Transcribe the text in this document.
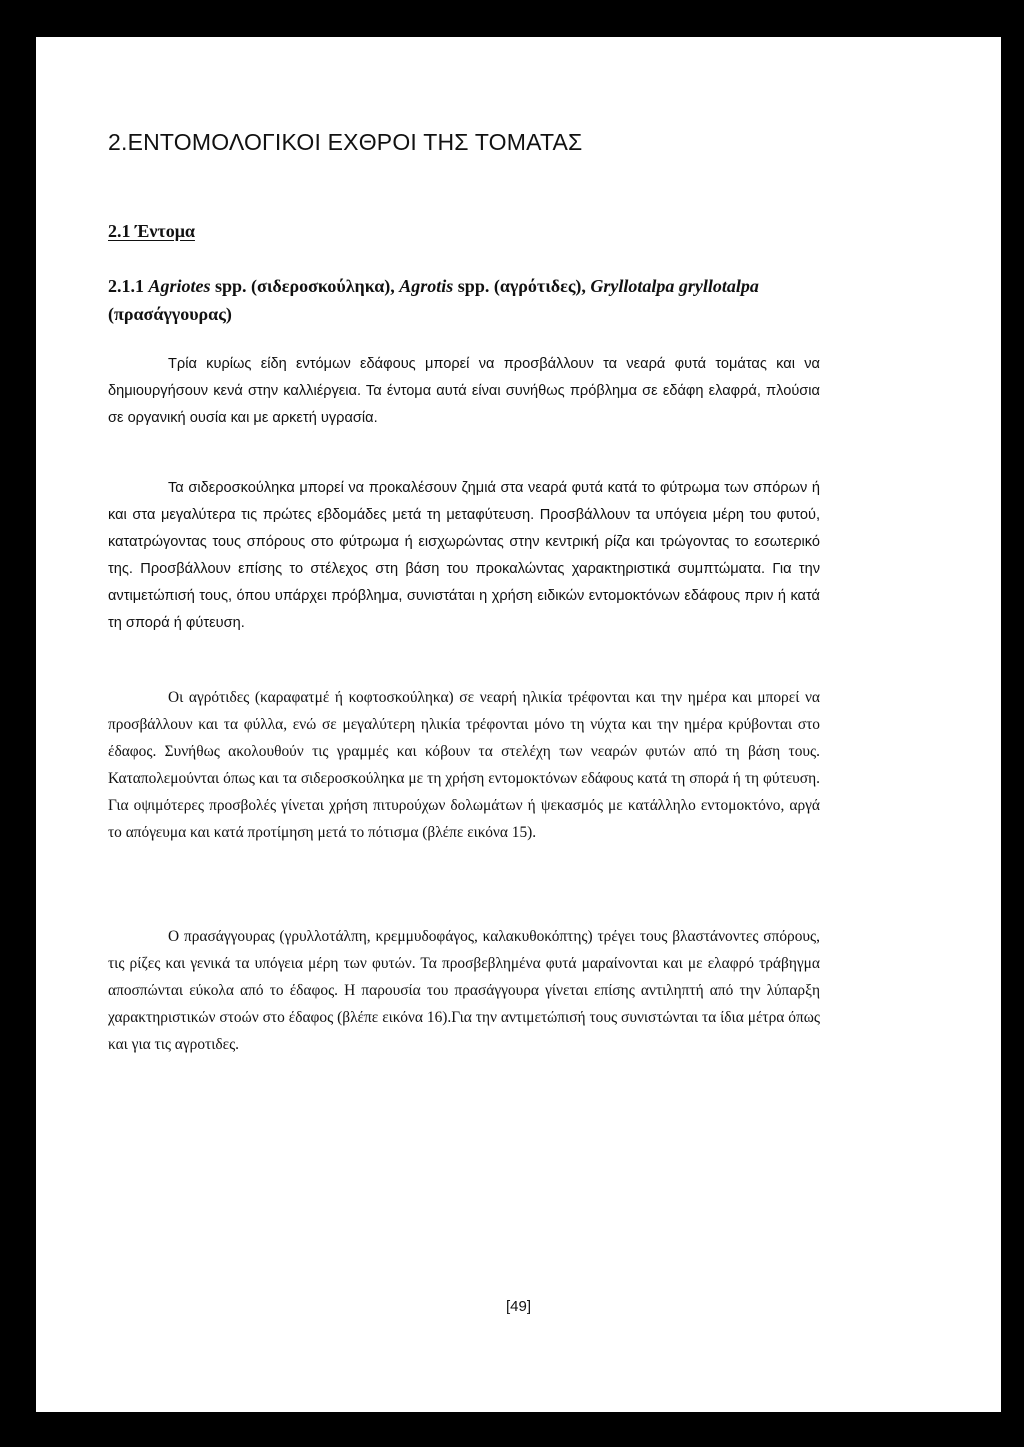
2.ΕΝΤΟΜΟΛΟΓΙΚΟΙ ΕΧΘΡΟΙ ΤΗΣ ΤΟΜΑΤΑΣ
2.1 Έντομα
2.1.1 Agriotes spp. (σιδεροσκούληκα), Agrotis spp. (αγρότιδες), Gryllotalpa gryllotalpa (πρασάγγουρας)

Τρία κυρίως είδη εντόμων εδάφους μπορεί να προσβάλλουν τα νεαρά φυτά τομάτας και να δημιουργήσουν κενά στην καλλιέργεια. Τα έντομα αυτά είναι συνήθως πρόβλημα σε εδάφη ελαφρά, πλούσια σε οργανική ουσία και με αρκετή υγρασία.

Τα σιδεροσκούληκα μπορεί να προκαλέσουν ζημιά στα νεαρά φυτά κατά το φύτρωμα των σπόρων ή και στα μεγαλύτερα τις πρώτες εβδομάδες μετά τη μεταφύτευση. Προσβάλλουν τα υπόγεια μέρη του φυτού, κατατρώγοντας τους σπόρους στο φύτρωμα ή εισχωρώντας στην κεντρική ρίζα και τρώγοντας το εσωτερικό της. Προσβάλλουν επίσης το στέλεχος στη βάση του προκαλώντας χαρακτηριστικά συμπτώματα. Για την αντιμετώπισή τους, όπου υπάρχει πρόβλημα, συνιστάται η χρήση ειδικών εντομοκτόνων εδάφους πριν ή κατά τη σπορά ή φύτευση.

Οι αγρότιδες (καραφατμέ ή κοφτοσκούληκα) σε νεαρή ηλικία τρέφονται και την ημέρα και μπορεί να προσβάλλουν και τα φύλλα, ενώ σε μεγαλύτερη ηλικία τρέφονται μόνο τη νύχτα και την ημέρα κρύβονται στο έδαφος. Συνήθως ακολουθούν τις γραμμές και κόβουν τα στελέχη των νεαρών φυτών από τη βάση τους. Καταπολεμούνται όπως και τα σιδεροσκούληκα με τη χρήση εντομοκτόνων εδάφους κατά τη σπορά ή τη φύτευση. Για οψιμότερες προσβολές γίνεται χρήση πιτυρούχων δολωμάτων ή ψεκασμός με κατάλληλο εντομοκτόνο, αργά το απόγευμα και κατά προτίμηση μετά το πότισμα (βλέπε εικόνα 15).

Ο πρασάγγουρας (γρυλλοτάλπη, κρεμμυδοφάγος, καλακυθοκόπτης) τρέγει τους βλαστάνοντες σπόρους, τις ρίζες και γενικά τα υπόγεια μέρη των φυτών. Τα προσβεβλημένα φυτά μαραίνονται και με ελαφρό τράβηγμα αποσπώνται εύκολα από το έδαφος. Η παρουσία του πρασάγγουρα γίνεται επίσης αντιληπτή από την λύπαρξη χαρακτηριστικών στοών στο έδαφος (βλέπε εικόνα 16).Για την αντιμετώπισή τους συνιστώνται τα ίδια μέτρα όπως και για τις αγροτιδες.

[49]
